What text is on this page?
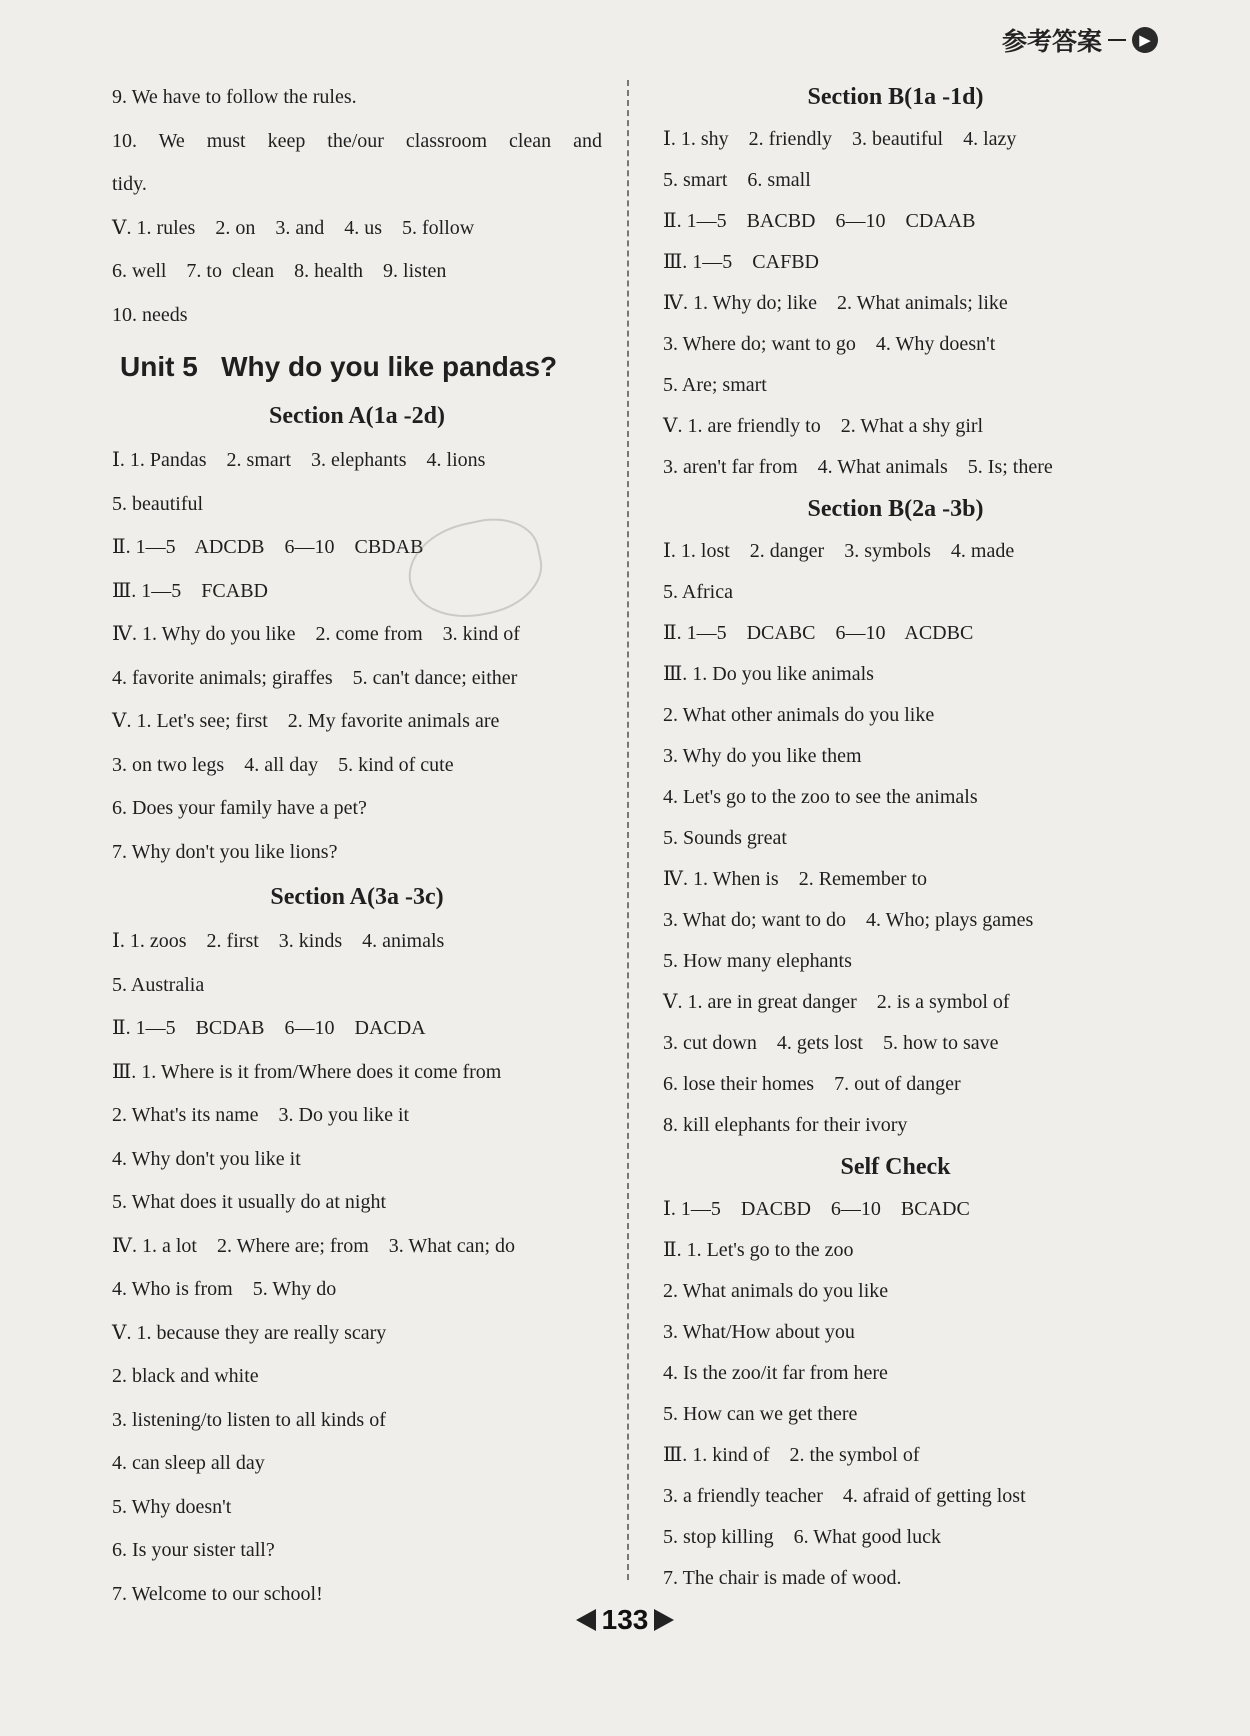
参考答案	▶
9. We have to follow the rules.
10. We must keep the/our classroom clean and
tidy.
Ⅴ. 1. rules    2. on    3. and    4. us    5. follow
6. well    7. to  clean    8. health    9. listen
10. needs
Unit 5   Why do you like pandas?
Section A(1a -2d)
Ⅰ. 1. Pandas    2. smart    3. elephants    4. lions
5. beautiful
Ⅱ. 1—5    ADCDB    6—10    CBDAB
Ⅲ. 1—5    FCABD
Ⅳ. 1. Why do you like    2. come from    3. kind of
4. favorite animals; giraffes    5. can't dance; either
Ⅴ. 1. Let's see; first    2. My favorite animals are
3. on two legs    4. all day    5. kind of cute
6. Does your family have a pet?
7. Why don't you like lions?
Section A(3a -3c)
Ⅰ. 1. zoos    2. first    3. kinds    4. animals
5. Australia
Ⅱ. 1—5    BCDAB    6—10    DACDA
Ⅲ. 1. Where is it from/Where does it come from
2. What's its name    3. Do you like it
4. Why don't you like it
5. What does it usually do at night
Ⅳ. 1. a lot    2. Where are; from    3. What can; do
4. Who is from    5. Why do
Ⅴ. 1. because they are really scary
2. black and white
3. listening/to listen to all kinds of
4. can sleep all day
5. Why doesn't
6. Is your sister tall?
7. Welcome to our school!
Section B(1a -1d)
Ⅰ. 1. shy    2. friendly    3. beautiful    4. lazy
5. smart    6. small
Ⅱ. 1—5    BACBD    6—10    CDAAB
Ⅲ. 1—5    CAFBD
Ⅳ. 1. Why do; like    2. What animals; like
3. Where do; want to go    4. Why doesn't
5. Are; smart
Ⅴ. 1. are friendly to    2. What a shy girl
3. aren't far from    4. What animals    5. Is; there
Section B(2a -3b)
Ⅰ. 1. lost    2. danger    3. symbols    4. made
5. Africa
Ⅱ. 1—5    DCABC    6—10    ACDBC
Ⅲ. 1. Do you like animals
2. What other animals do you like
3. Why do you like them
4. Let's go to the zoo to see the animals
5. Sounds great
Ⅳ. 1. When is    2. Remember to
3. What do; want to do    4. Who; plays games
5. How many elephants
Ⅴ. 1. are in great danger    2. is a symbol of
3. cut down    4. gets lost    5. how to save
6. lose their homes    7. out of danger
8. kill elephants for their ivory
Self Check
Ⅰ. 1—5    DACBD    6—10    BCADC
Ⅱ. 1. Let's go to the zoo
2. What animals do you like
3. What/How about you
4. Is the zoo/it far from here
5. How can we get there
Ⅲ. 1. kind of    2. the symbol of
3. a friendly teacher    4. afraid of getting lost
5. stop killing    6. What good luck
7. The chair is made of wood.
133
